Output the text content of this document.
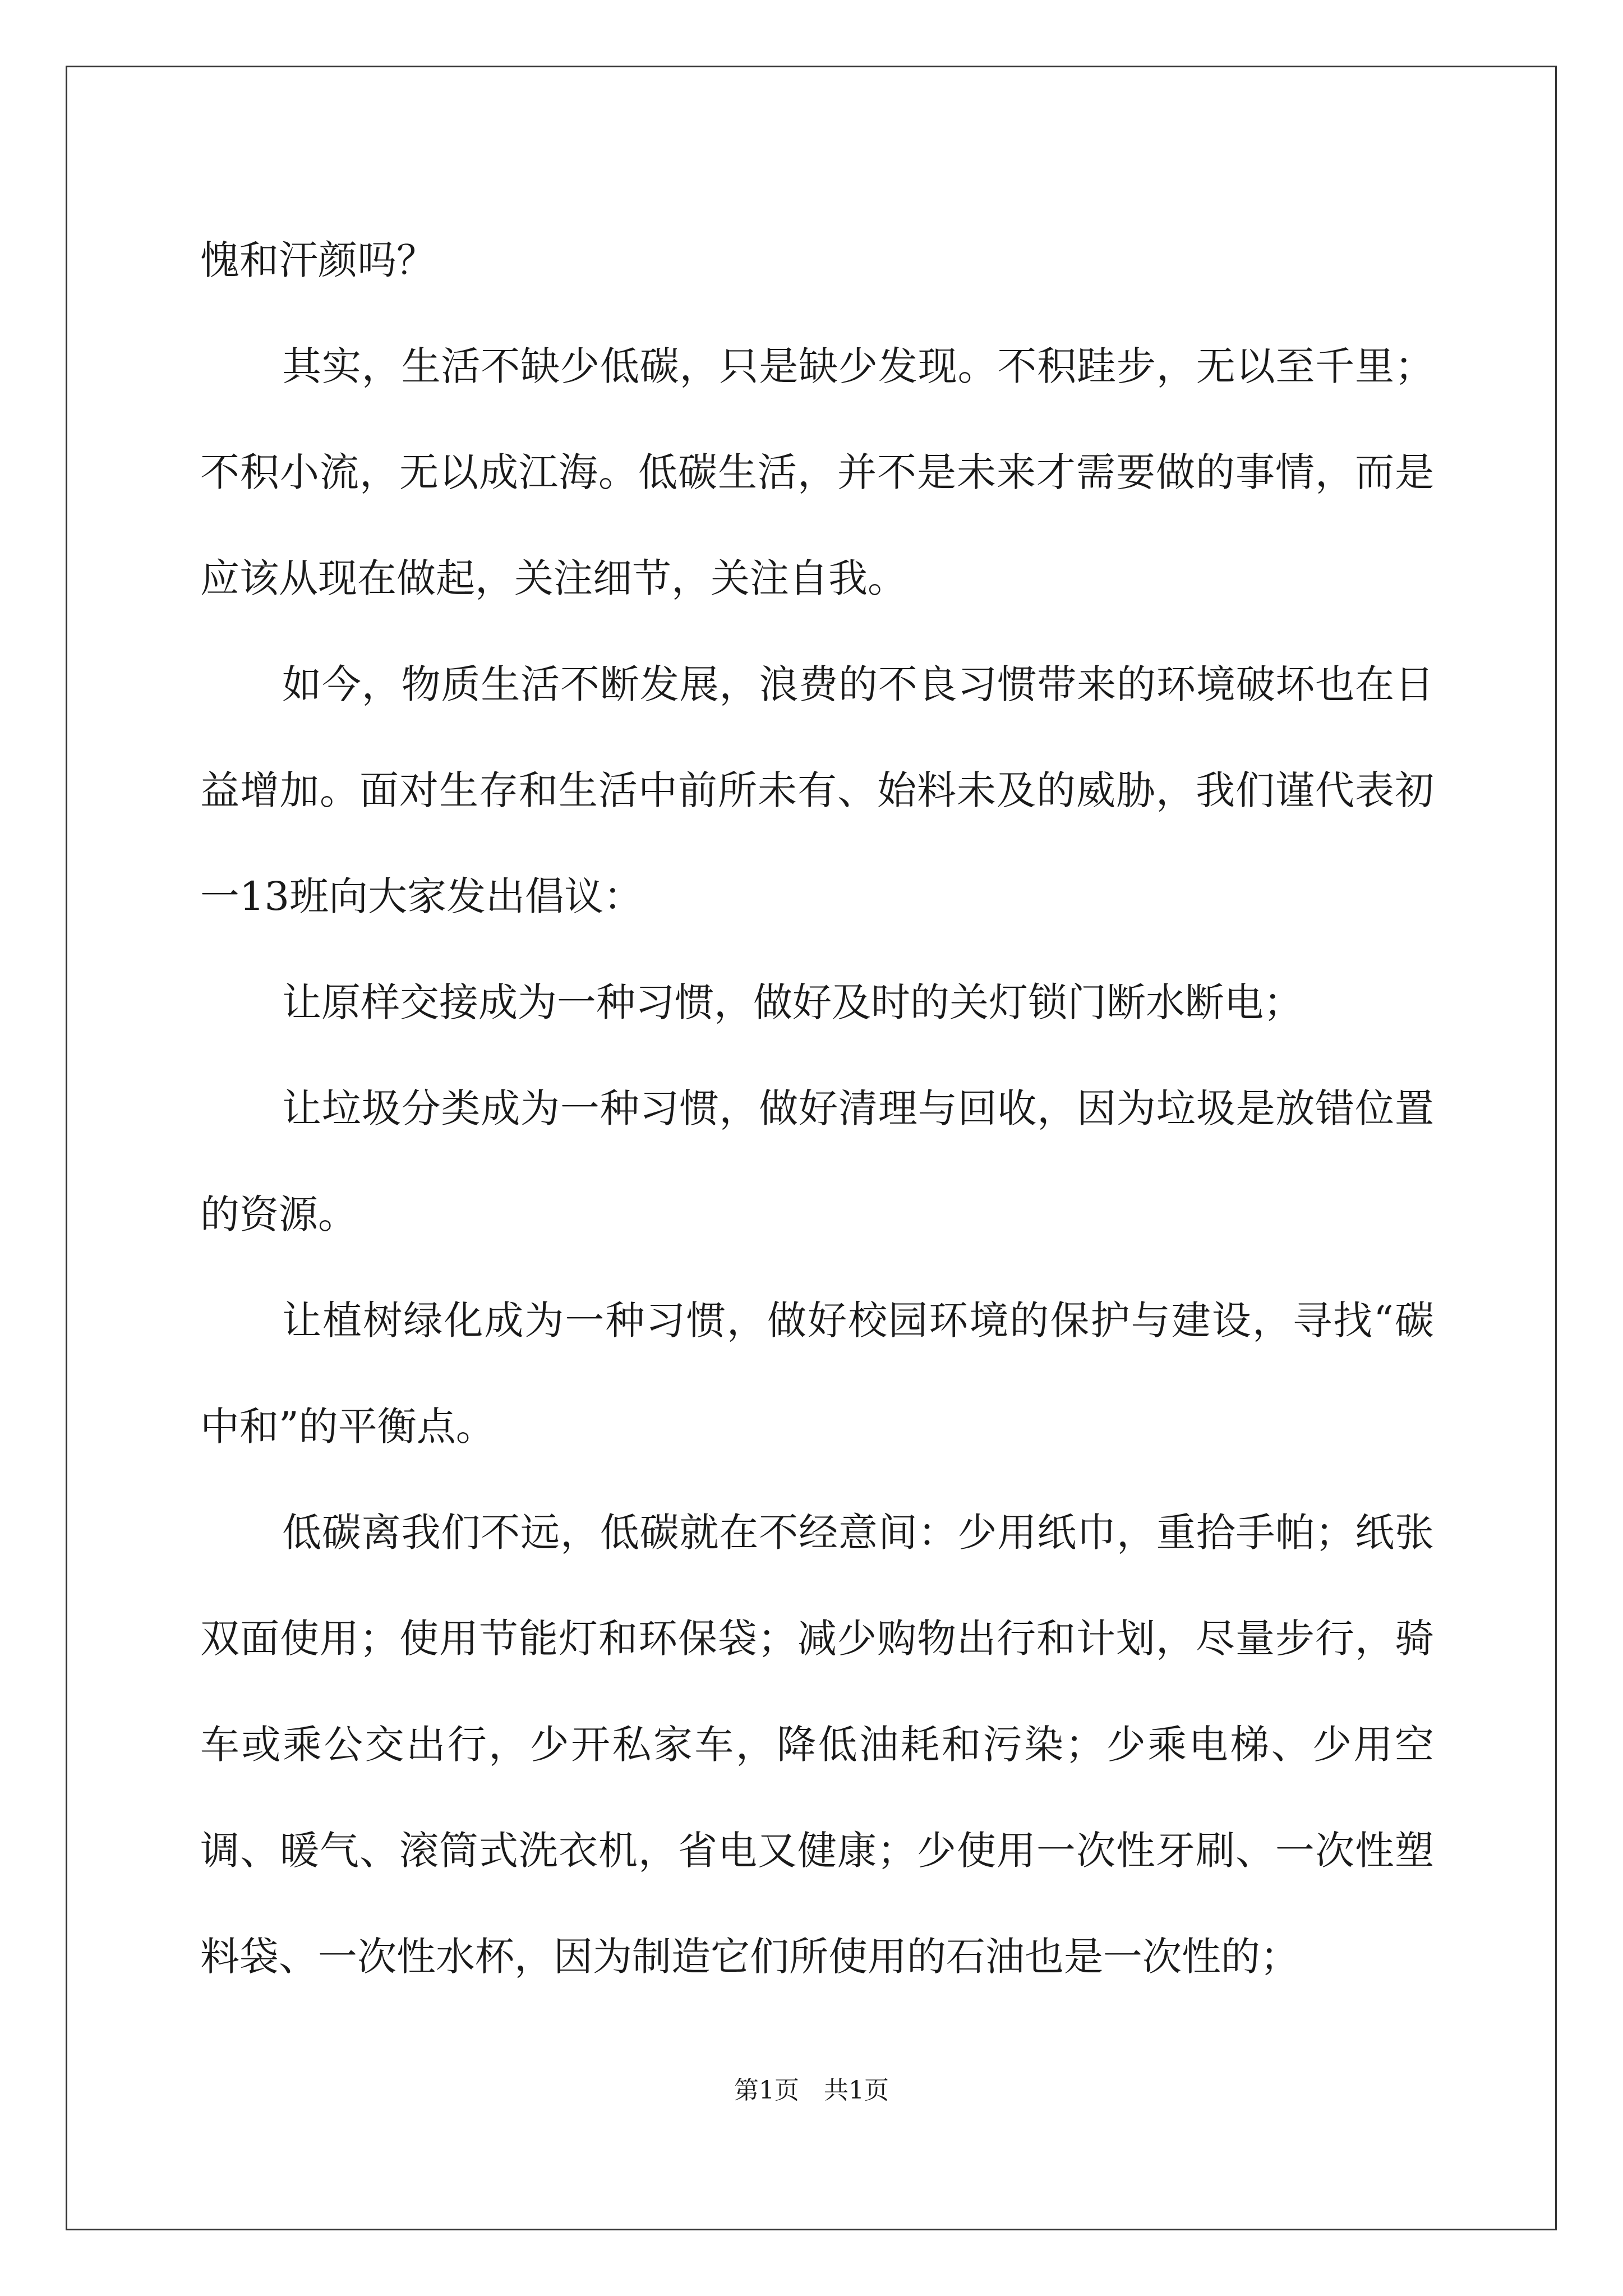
愧和汗颜吗？

其实，生活不缺少低碳，只是缺少发现。不积跬步，无以至千里；不积小流，无以成江海。低碳生活，并不是未来才需要做的事情，而是应该从现在做起，关注细节，关注自我。

如今，物质生活不断发展，浪费的不良习惯带来的环境破坏也在日益增加。面对生存和生活中前所未有、始料未及的威胁，我们谨代表初一13班向大家发出倡议：

让原样交接成为一种习惯，做好及时的关灯锁门断水断电；

让垃圾分类成为一种习惯，做好清理与回收，因为垃圾是放错位置的资源。

让植树绿化成为一种习惯，做好校园环境的保护与建设，寻找“碳中和”的平衡点。

低碳离我们不远，低碳就在不经意间：少用纸巾，重拾手帕；纸张双面使用；使用节能灯和环保袋；减少购物出行和计划，尽量步行，骑车或乘公交出行，少开私家车，降低油耗和污染；少乘电梯、少用空调、暖气、滚筒式洗衣机，省电又健康；少使用一次性牙刷、一次性塑料袋、一次性水杯，因为制造它们所使用的石油也是一次性的；

第1页 共1页
